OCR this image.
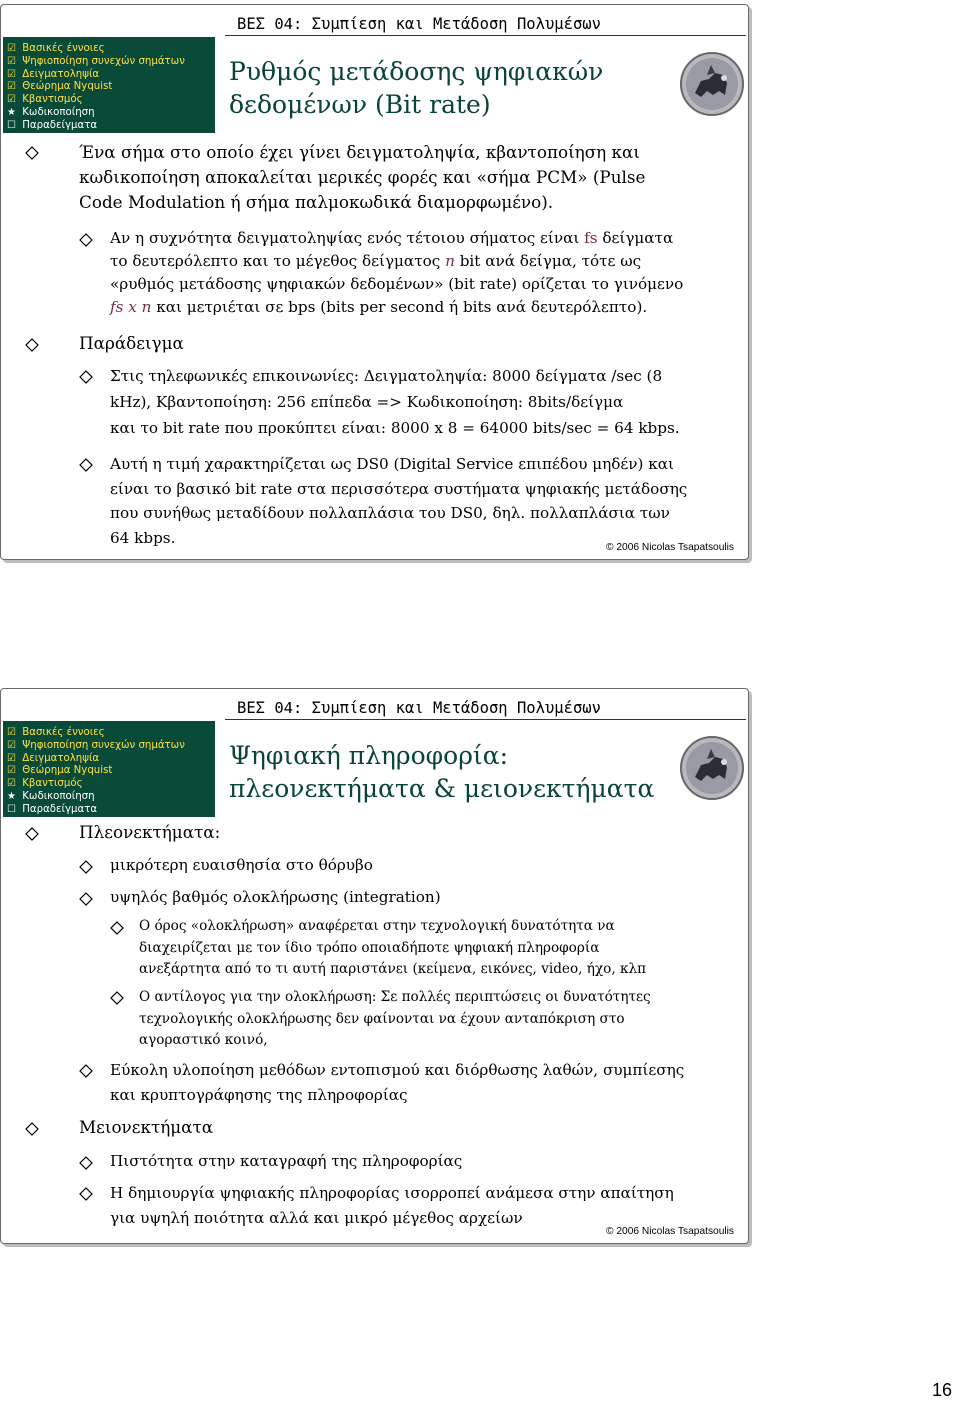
ΒΕΣ 04: Συμπίεση και Μετάδοση Πολυμέσων
☑ Βασικές έννοιες
☑ Ψηφιοποίηση συνεχών σημάτων
☑ Δειγματοληψία
☑ Θεώρημα Nyquist
☑ Κβαντισμός
★ Κωδικοποίηση
☐ Παραδείγματα
Ρυθμός μετάδοσης ψηφιακών
δεδομένων (Bit rate)
Ένα σήμα στο οποίο έχει γίνει δειγματοληψία, κβαντοποίηση και
κωδικοποίηση αποκαλείται μερικές φορές και «σήμα PCM» (Pulse
Code Modulation ή σήμα παλμοκωδικά διαμορφωμένο).
Αν η συχνότητα δειγματοληψίας ενός τέτοιου σήματος είναι fs δείγματα
το δευτερόλεπτο και το μέγεθος δείγματος n bit ανά δείγμα, τότε ως
«ρυθμός μετάδοσης ψηφιακών δεδομένων» (bit rate) ορίζεται το γινόμενο
fs x n και μετριέται σε bps (bits per second ή bits ανά δευτερόλεπτο).
Παράδειγμα
Στις τηλεφωνικές επικοινωνίες: Δειγματοληψία: 8000 δείγματα /sec (8
kHz), Κβαντοποίηση: 256 επίπεδα => Κωδικοποίηση: 8bits/δείγμα
και το bit rate που προκύπτει είναι: 8000 x 8 = 64000 bits/sec = 64 kbps.
Αυτή η τιμή χαρακτηρίζεται ως DS0 (Digital Service επιπέδου μηδέν) και
είναι το βασικό bit rate στα περισσότερα συστήματα ψηφιακής μετάδοσης
που συνήθως μεταδίδουν πολλαπλάσια του DS0, δηλ. πολλαπλάσια των
64 kbps.
© 2006 Nicolas Tsapatsoulis
ΒΕΣ 04: Συμπίεση και Μετάδοση Πολυμέσων
☑ Βασικές έννοιες
☑ Ψηφιοποίηση συνεχών σημάτων
☑ Δειγματοληψία
☑ Θεώρημα Nyquist
☑ Κβαντισμός
★ Κωδικοποίηση
☐ Παραδείγματα
Ψηφιακή πληροφορία:
πλεονεκτήματα & μειονεκτήματα
Πλεονεκτήματα:
μικρότερη ευαισθησία στο θόρυβο
υψηλός βαθμός ολοκλήρωσης (integration)
Ο όρος «ολοκλήρωση» αναφέρεται στην τεχνολογική δυνατότητα να
διαχειρίζεται με τον ίδιο τρόπο οποιαδήποτε ψηφιακή πληροφορία
ανεξάρτητα από το τι αυτή παριστάνει (κείμενα, εικόνες, video, ήχο, κλπ
Ο αντίλογος για την ολοκλήρωση: Σε πολλές περιπτώσεις οι δυνατότητες
τεχνολογικής ολοκλήρωσης δεν φαίνονται να έχουν ανταπόκριση στο
αγοραστικό κοινό,
Εύκολη υλοποίηση μεθόδων εντοπισμού και διόρθωσης λαθών, συμπίεσης
και κρυπτογράφησης της πληροφορίας
Μειονεκτήματα
Πιστότητα στην καταγραφή της πληροφορίας
Η δημιουργία ψηφιακής πληροφορίας ισορροπεί ανάμεσα στην απαίτηση
για υψηλή ποιότητα αλλά και μικρό μέγεθος αρχείων
© 2006 Nicolas Tsapatsoulis
16
